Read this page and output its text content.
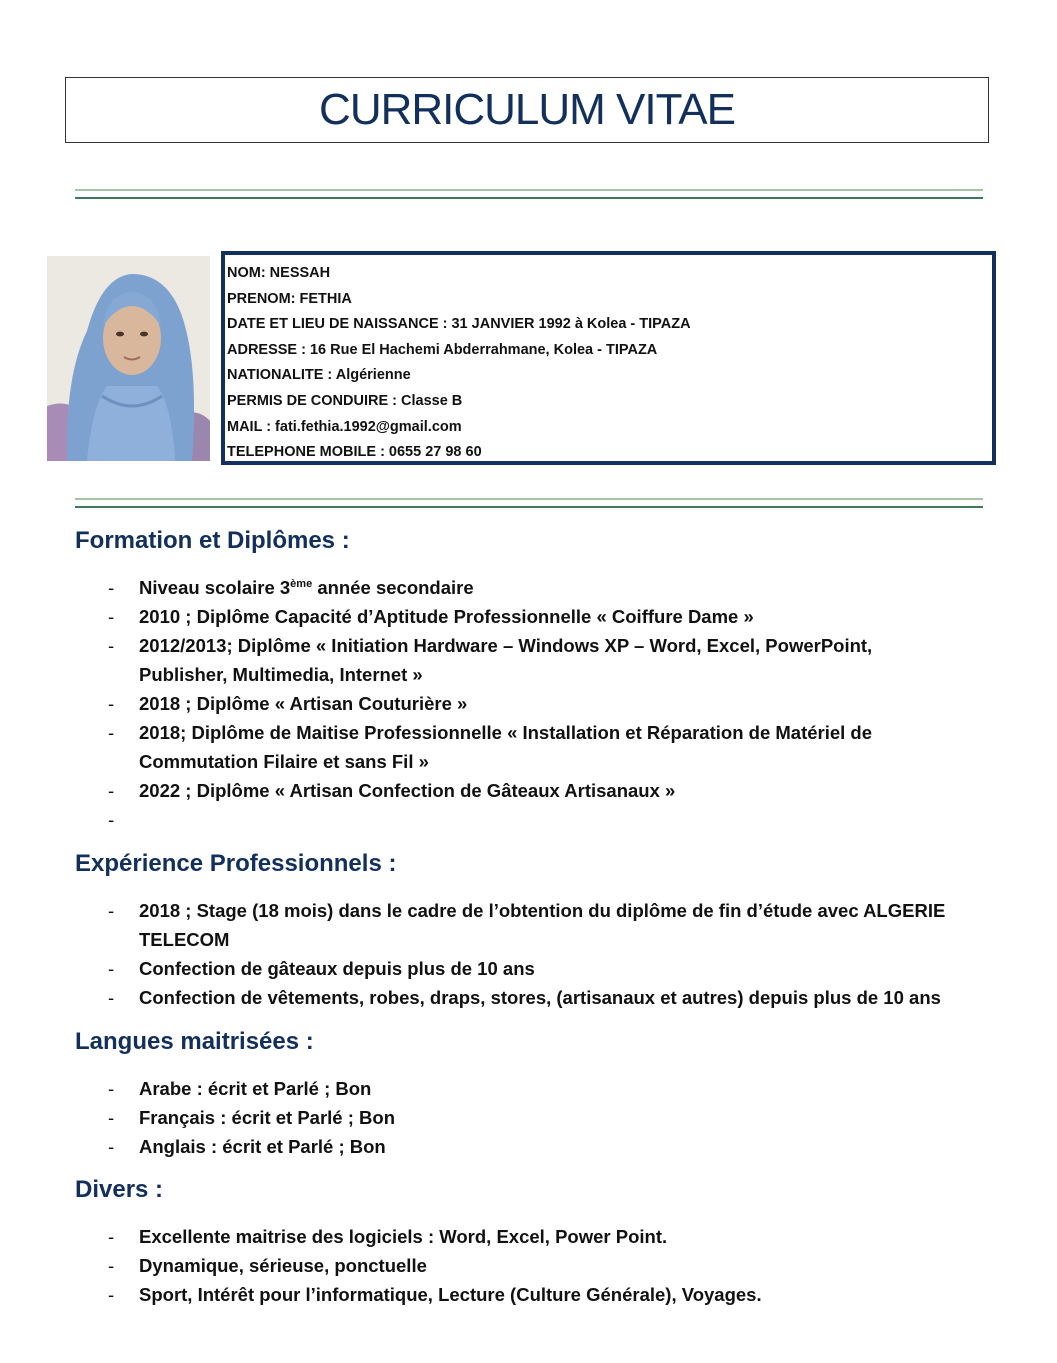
CURRICULUM VITAE
NOM: NESSAH
PRENOM: FETHIA
DATE ET LIEU DE NAISSANCE : 31 JANVIER 1992 à Kolea - TIPAZA
ADRESSE : 16 Rue El Hachemi Abderrahmane, Kolea - TIPAZA
NATIONALITE : Algérienne
PERMIS DE CONDUIRE : Classe B
MAIL : fati.fethia.1992@gmail.com
TELEPHONE MOBILE : 0655 27 98 60
Formation et Diplômes :
- Niveau scolaire 3ème année secondaire
- 2010 ; Diplôme Capacité d’Aptitude Professionnelle « Coiffure Dame »
- 2012/2013; Diplôme « Initiation Hardware – Windows XP – Word, Excel, PowerPoint, Publisher, Multimedia, Internet »
- 2018 ; Diplôme « Artisan Couturière »
- 2018; Diplôme de Maitise Professionnelle « Installation et Réparation de Matériel de Commutation Filaire et sans Fil »
- 2022 ; Diplôme « Artisan Confection de Gâteaux Artisanaux »
-

Expérience Professionnels :
- 2018 ; Stage (18 mois) dans le cadre de l’obtention du diplôme de fin d’étude avec ALGERIE TELECOM
- Confection de gâteaux depuis plus de 10 ans
- Confection de vêtements, robes, draps, stores, (artisanaux et autres) depuis plus de 10 ans
Langues maitrisées :
- Arabe : écrit et Parlé ; Bon
- Français : écrit et Parlé ; Bon
- Anglais : écrit et Parlé ; Bon
Divers :
- Excellente maitrise des logiciels : Word, Excel, Power Point.
- Dynamique, sérieuse, ponctuelle
- Sport, Intérêt pour l’informatique, Lecture (Culture Générale), Voyages.
